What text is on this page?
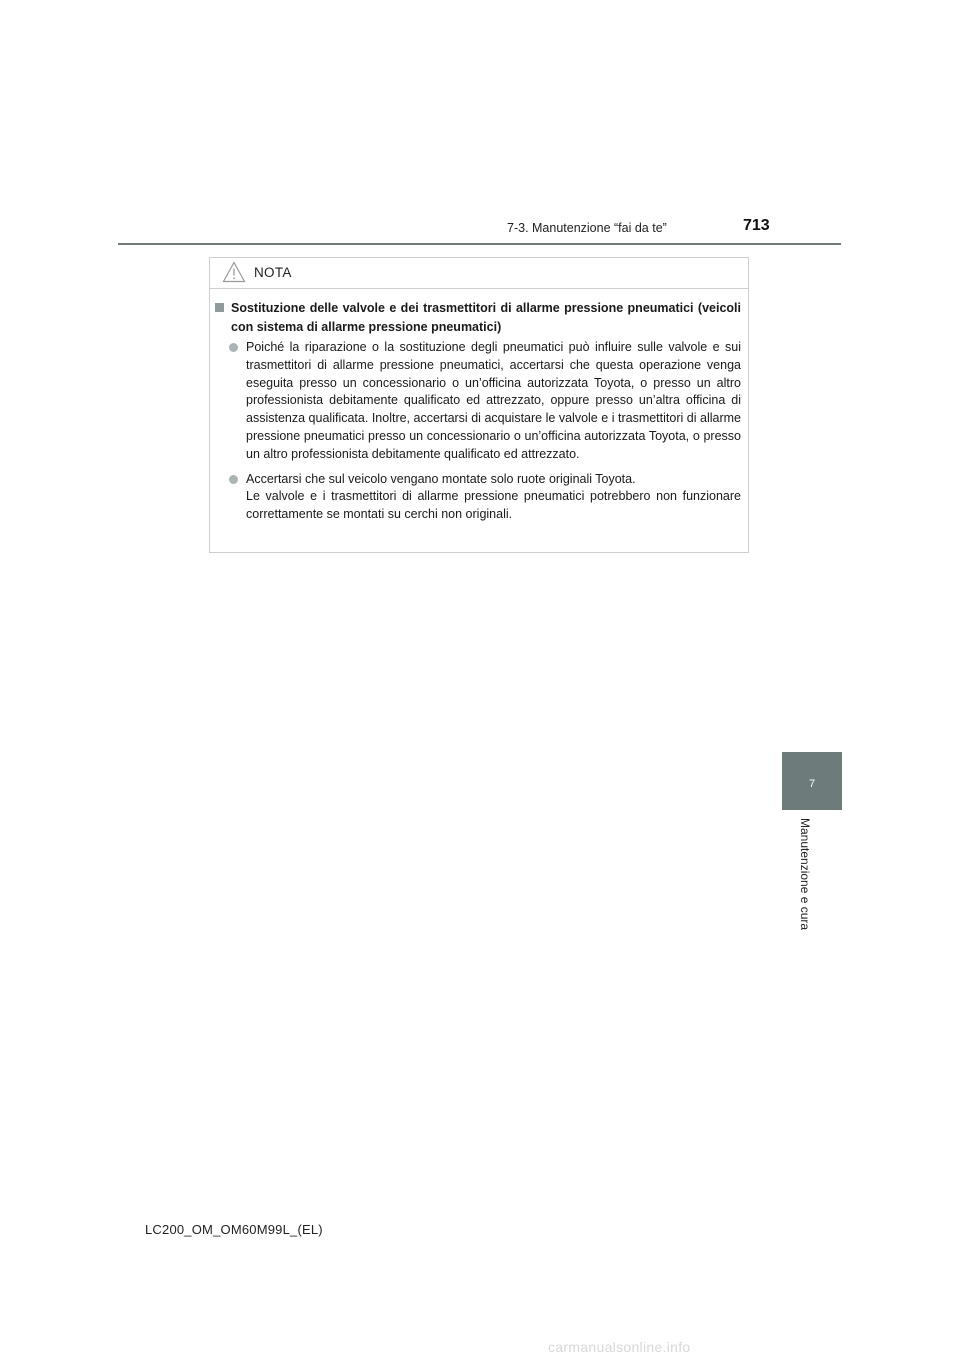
7-3. Manutenzione “fai da te”	713
7
Manutenzione e cura
NOTA
Sostituzione delle valvole e dei trasmettitori di allarme pressione pneumatici (veicoli con sistema di allarme pressione pneumatici)
Poiché la riparazione o la sostituzione degli pneumatici può influire sulle valvole e sui trasmettitori di allarme pressione pneumatici, accertarsi che questa operazione venga eseguita presso un concessionario o un’officina autorizzata Toyota, o presso un altro professionista debitamente qualificato ed attrezzato, oppure presso un’altra officina di assistenza qualificata. Inoltre, accertarsi di acquistare le valvole e i trasmettitori di allarme pressione pneumatici presso un concessionario o un’officina autorizzata Toyota, o presso un altro professionista debitamente qualificato ed attrezzato.
Accertarsi che sul veicolo vengano montate solo ruote originali Toyota.
Le valvole e i trasmettitori di allarme pressione pneumatici potrebbero non funzionare correttamente se montati su cerchi non originali.
LC200_OM_OM60M99L_(EL)
carmanualsonline.info
